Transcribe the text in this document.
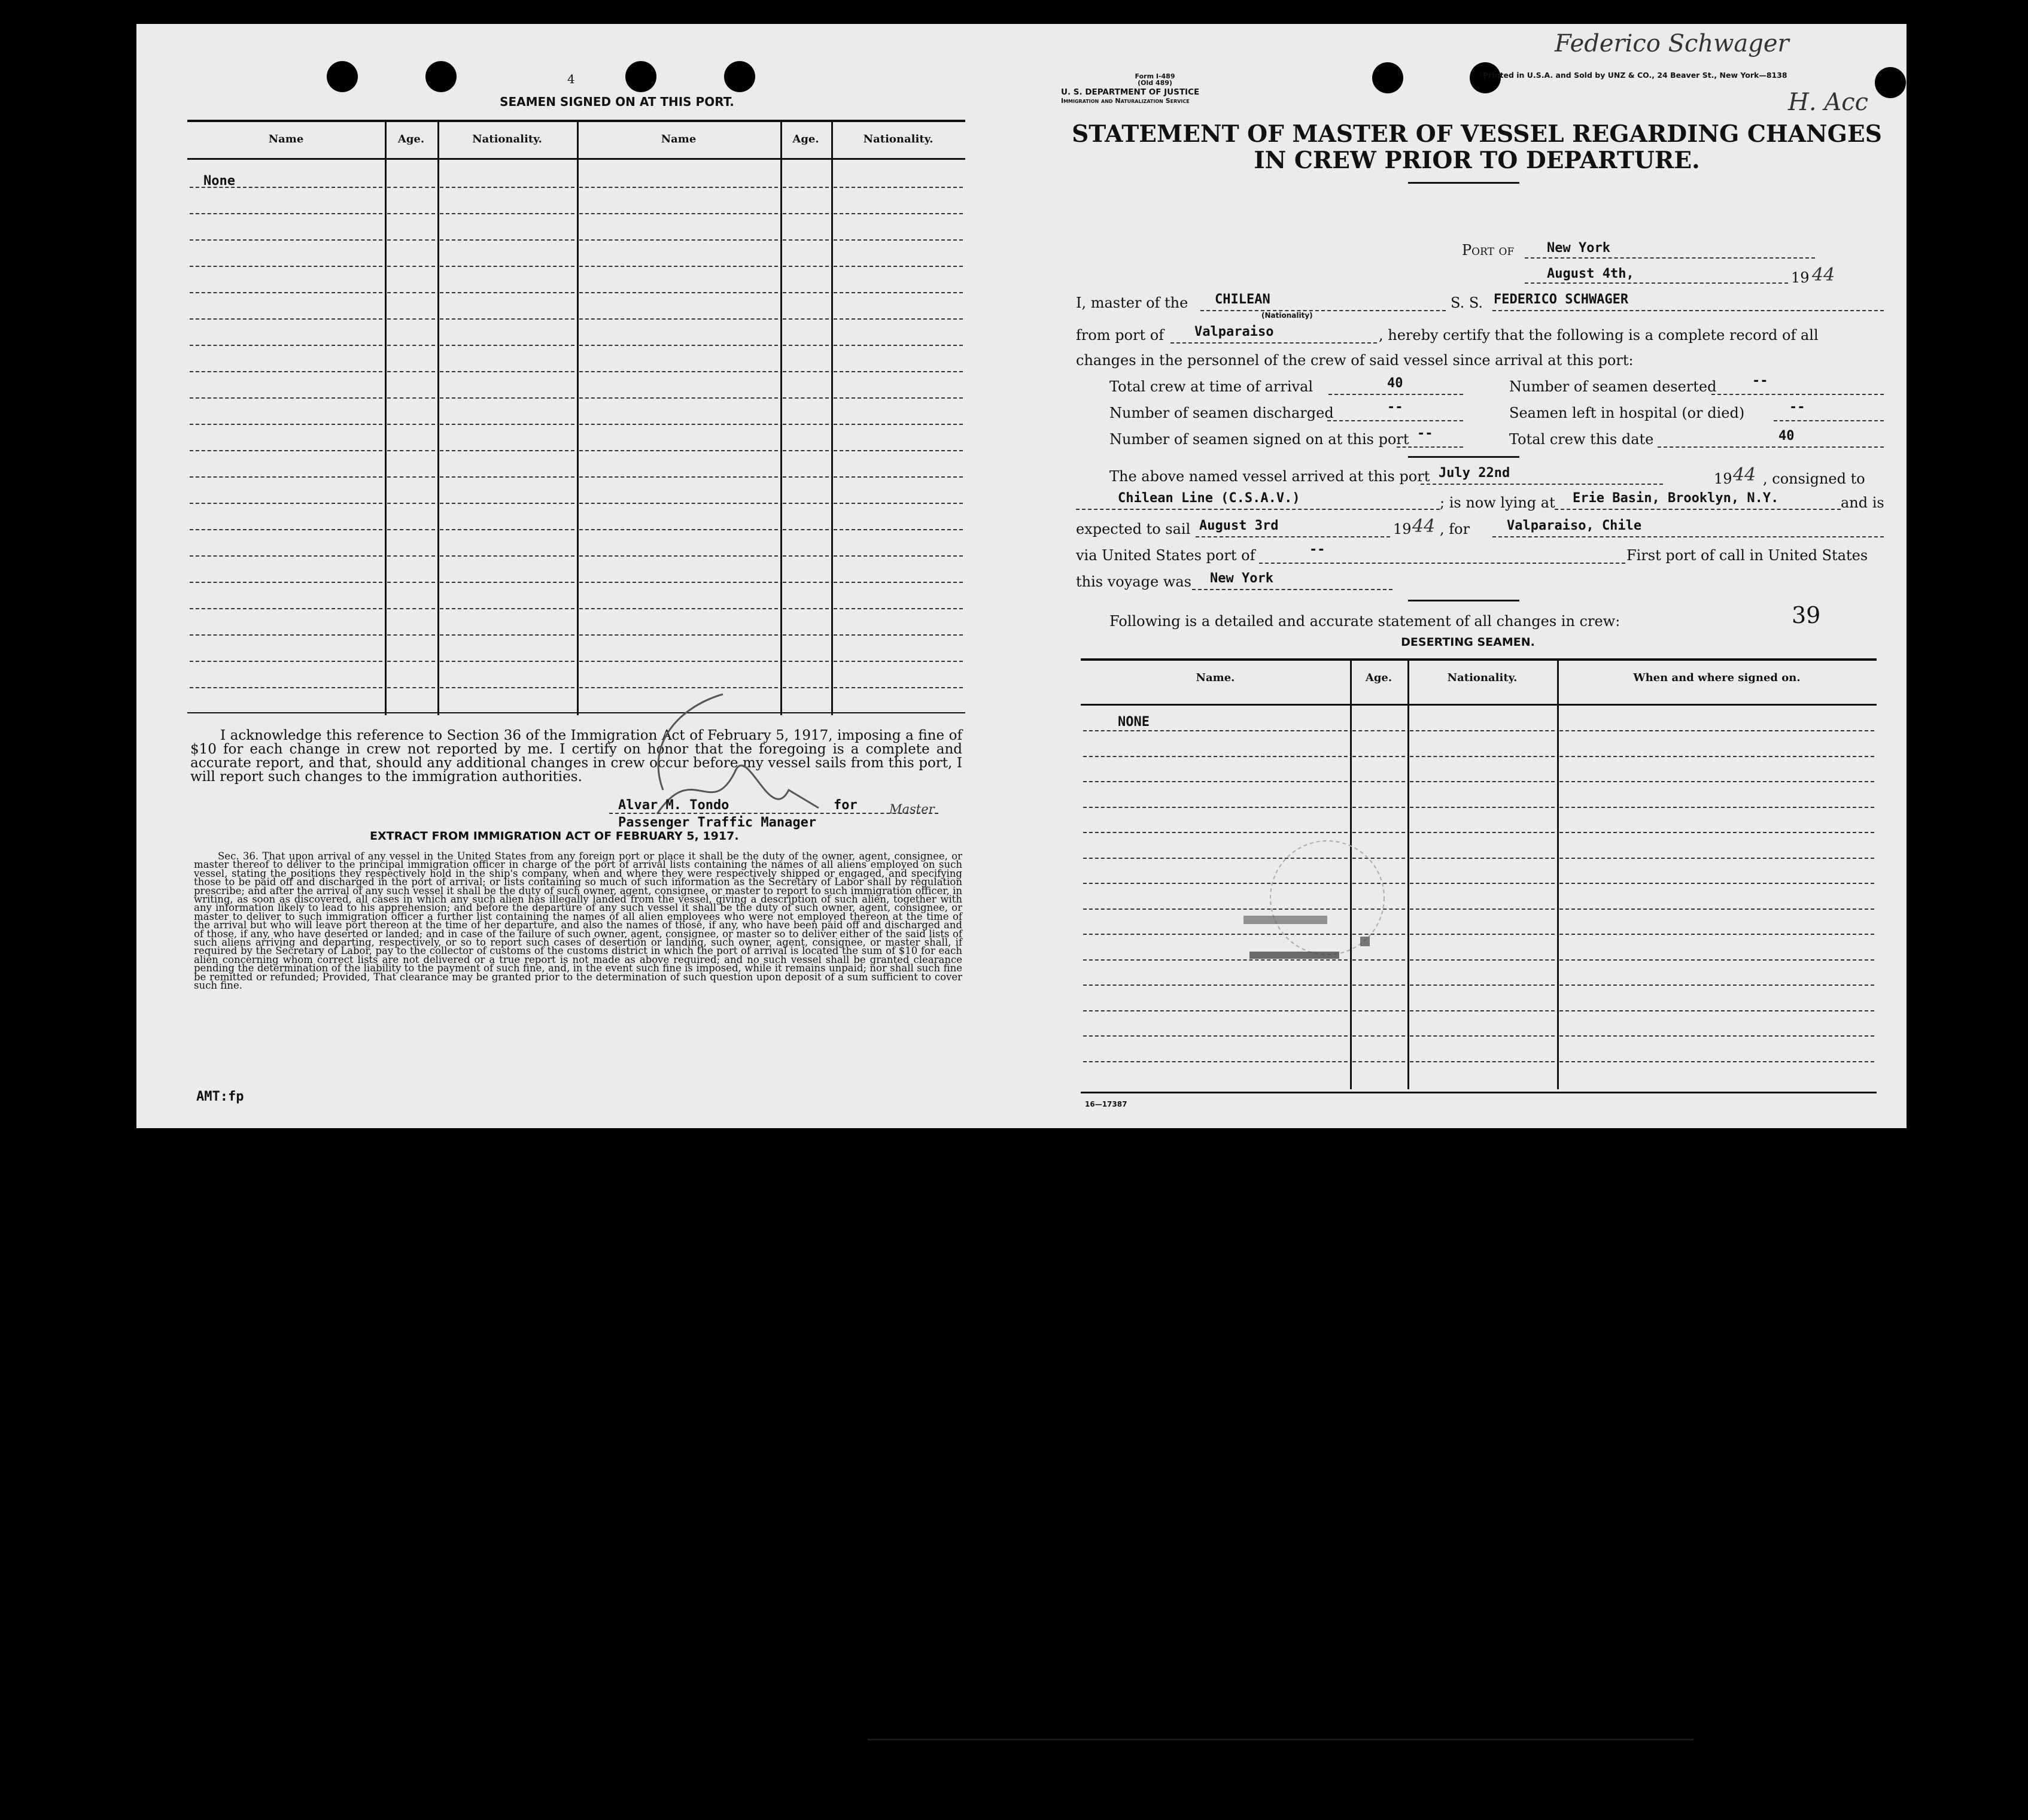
Federico Schwager
H. Acc
4
SEAMEN SIGNED ON AT THIS PORT.
Name	Age.	Nationality.	Name	Age.	Nationality.
None
I acknowledge this reference to Section 36 of the Immigration Act of February 5, 1917, imposing a fine of $10 for each change in crew not reported by me. I certify on honor that the foregoing is a complete and accurate report, and that, should any additional changes in crew occur before my vessel sails from this port, I will report such changes to the immigration authorities.
Alvar M. Tondo	for	Master
Passenger Traffic Manager
EXTRACT FROM IMMIGRATION ACT OF FEBRUARY 5, 1917.
Sec. 36. That upon arrival of any vessel in the United States from any foreign port or place it shall be the duty of the owner, agent, consignee, or master thereof to deliver to the principal immigration officer in charge of the port of arrival lists containing the names of all aliens employed on such vessel, stating the positions they respectively hold in the ship's company, when and where they were respectively shipped or engaged, and specifying those to be paid off and discharged in the port of arrival; or lists containing so much of such information as the Secretary of Labor shall by regulation prescribe; and after the arrival of any such vessel it shall be the duty of such owner, agent, consignee, or master to report to such immigration officer, in writing, as soon as discovered, all cases in which any such alien has illegally landed from the vessel, giving a description of such alien, together with any information likely to lead to his apprehension; and before the departure of any such vessel it shall be the duty of such owner, agent, consignee, or master to deliver to such immigration officer a further list containing the names of all alien employees who were not employed thereon at the time of the arrival but who will leave port thereon at the time of her departure, and also the names of those, if any, who have been paid off and discharged and of those, if any, who have deserted or landed; and in case of the failure of such owner, agent, consignee, or master so to deliver either of the said lists of such aliens arriving and departing, respectively, or so to report such cases of desertion or landing, such owner, agent, consignee, or master shall, if required by the Secretary of Labor, pay to the collector of customs of the customs district in which the port of arrival is located the sum of $10 for each alien concerning whom correct lists are not delivered or a true report is not made as above required; and no such vessel shall be granted clearance pending the determination of the liability to the payment of such fine, and, in the event such fine is imposed, while it remains unpaid; nor shall such fine be remitted or refunded; Provided, That clearance may be granted prior to the determination of such question upon deposit of a sum sufficient to cover such fine.
AMT:fp
Form I-489
(Old 489)
U. S. DEPARTMENT OF JUSTICE
Immigration and Naturalization Service
Printed in U.S.A. and Sold by UNZ & CO., 24 Beaver St., New York—8138
STATEMENT OF MASTER OF VESSEL REGARDING CHANGES
IN CREW PRIOR TO DEPARTURE.
Port of New York
August 4th,	19 44
I, master of the CHILEAN
(Nationality)
S. S. FEDERICO SCHWAGER
from port of Valparaiso	, hereby certify that the following is a complete record of all
changes in the personnel of the crew of said vessel since arrival at this port:
Total crew at time of arrival	40	Number of seamen deserted	--
Number of seamen discharged	--	Seamen left in hospital (or died)	--
Number of seamen signed on at this port --	Total crew this date	40
The above named vessel arrived at this port July 22nd	19 44 , consigned to
Chilean Line (C.S.A.V.)	; is now lying at Erie Basin, Brooklyn, N.Y.	and is
expected to sail August 3rd	19 44 , for	Valparaiso, Chile
via United States port of	--	First port of call in United States
this voyage was New York
Following is a detailed and accurate statement of all changes in crew:	39
DESERTING SEAMEN.
Name.	Age.	Nationality.	When and where signed on.
NONE
16—17387
